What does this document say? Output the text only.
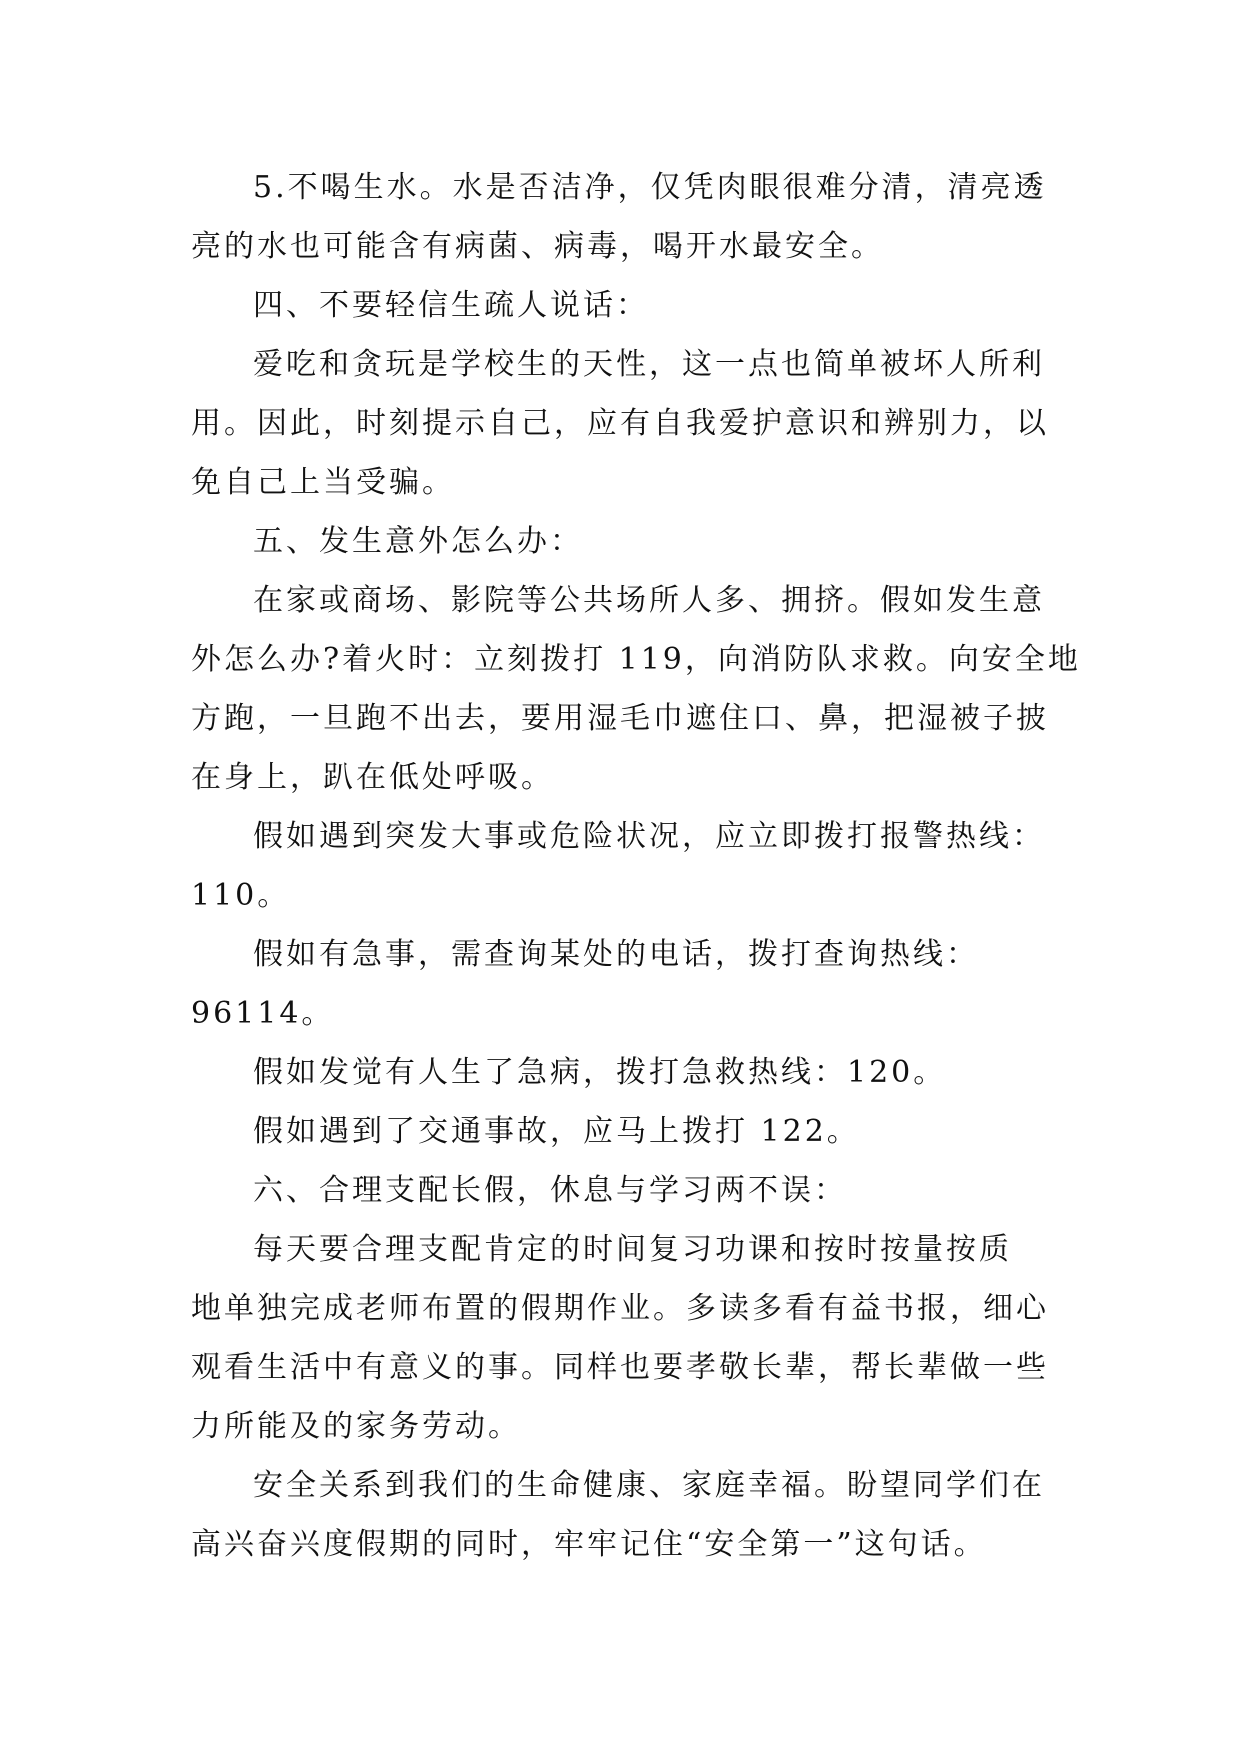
5.不喝生水。水是否洁净，仅凭肉眼很难分清，清亮透
亮的水也可能含有病菌、病毒，喝开水最安全。
四、不要轻信生疏人说话：
爱吃和贪玩是学校生的天性，这一点也简单被坏人所利
用。因此，时刻提示自己，应有自我爱护意识和辨别力，以
免自己上当受骗。
五、发生意外怎么办：
在家或商场、影院等公共场所人多、拥挤。假如发生意
外怎么办?着火时：立刻拨打 119，向消防队求救。向安全地
方跑，一旦跑不出去，要用湿毛巾遮住口、鼻，把湿被子披
在身上，趴在低处呼吸。
假如遇到突发大事或危险状况，应立即拨打报警热线：
110。
假如有急事，需查询某处的电话，拨打查询热线：
96114。
假如发觉有人生了急病，拨打急救热线：120。
假如遇到了交通事故，应马上拨打 122。
六、合理支配长假，休息与学习两不误：
每天要合理支配肯定的时间复习功课和按时按量按质
地单独完成老师布置的假期作业。多读多看有益书报，细心
观看生活中有意义的事。同样也要孝敬长辈，帮长辈做一些
力所能及的家务劳动。
安全关系到我们的生命健康、家庭幸福。盼望同学们在
高兴奋兴度假期的同时，牢牢记住“安全第一”这句话。
